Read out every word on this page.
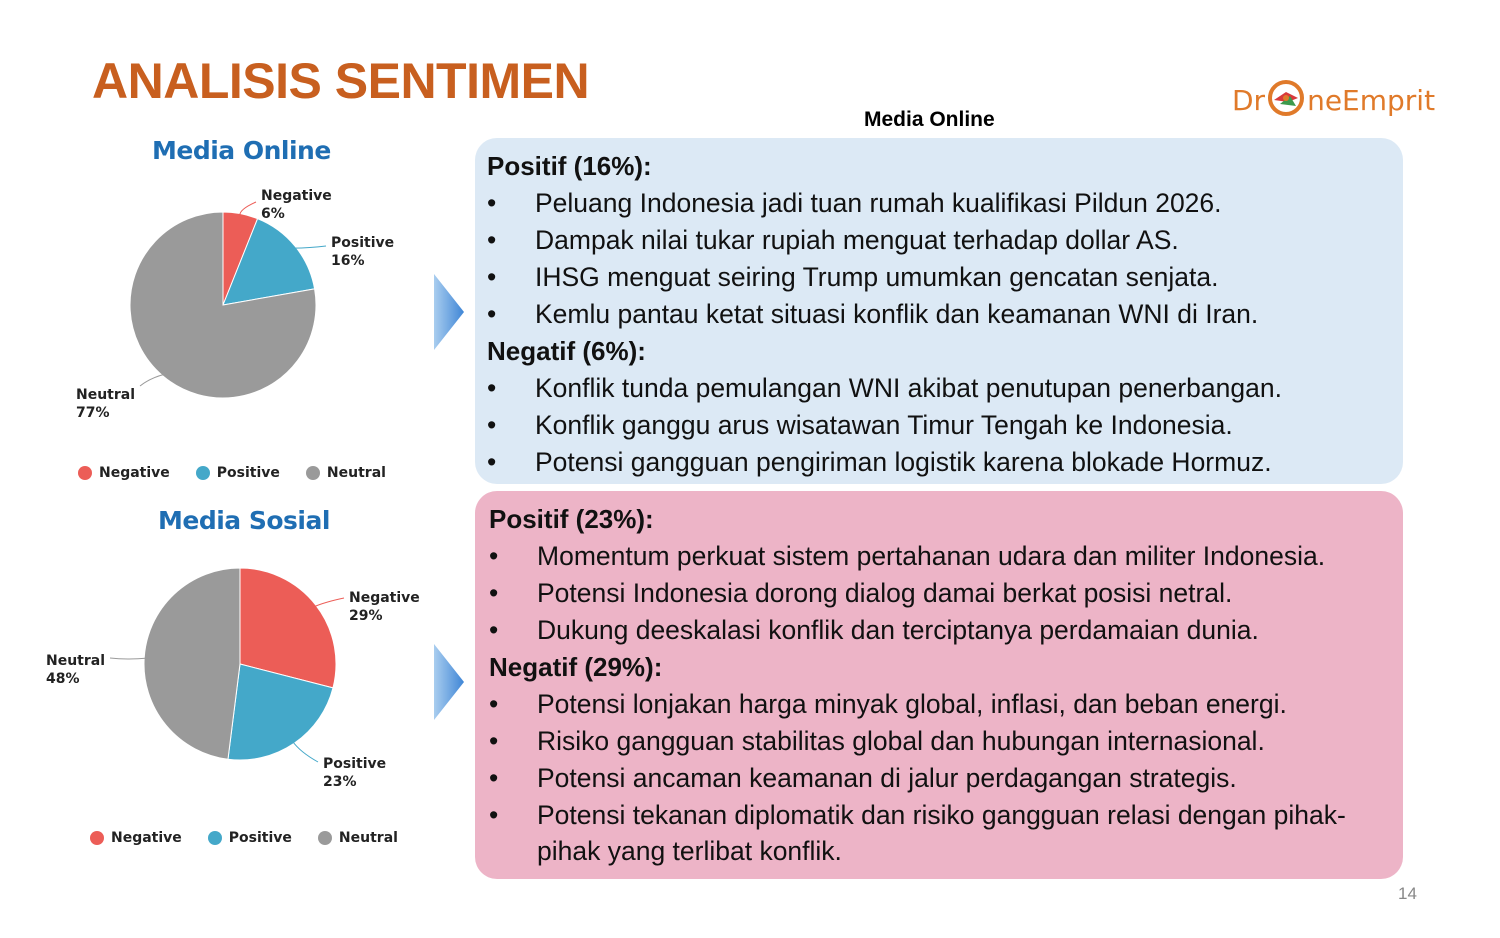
ANALISIS SENTIMEN	Dr neEmprit
Media Online
Media Online
Negative
6%
Positive
16%
Neutral
77%
Negative	Positive	Neutral
Media Sosial
Negative
29%
Positive
23%
Neutral
48%
Negative	Positive	Neutral
Positif (16%):
• Peluang Indonesia jadi tuan rumah kualifikasi Pildun 2026.
• Dampak nilai tukar rupiah menguat terhadap dollar AS.
• IHSG menguat seiring Trump umumkan gencatan senjata.
• Kemlu pantau ketat situasi konflik dan keamanan WNI di Iran.
Negatif (6%):
• Konflik tunda pemulangan WNI akibat penutupan penerbangan.
• Konflik ganggu arus wisatawan Timur Tengah ke Indonesia.
• Potensi gangguan pengiriman logistik karena blokade Hormuz.
Positif (23%):
• Momentum perkuat sistem pertahanan udara dan militer Indonesia.
• Potensi Indonesia dorong dialog damai berkat posisi netral.
• Dukung deeskalasi konflik dan terciptanya perdamaian dunia.
Negatif (29%):
• Potensi lonjakan harga minyak global, inflasi, dan beban energi.
• Risiko gangguan stabilitas global dan hubungan internasional.
• Potensi ancaman keamanan di jalur perdagangan strategis.
• Potensi tekanan diplomatik dan risiko gangguan relasi dengan pihak-pihak yang terlibat konflik.
14
